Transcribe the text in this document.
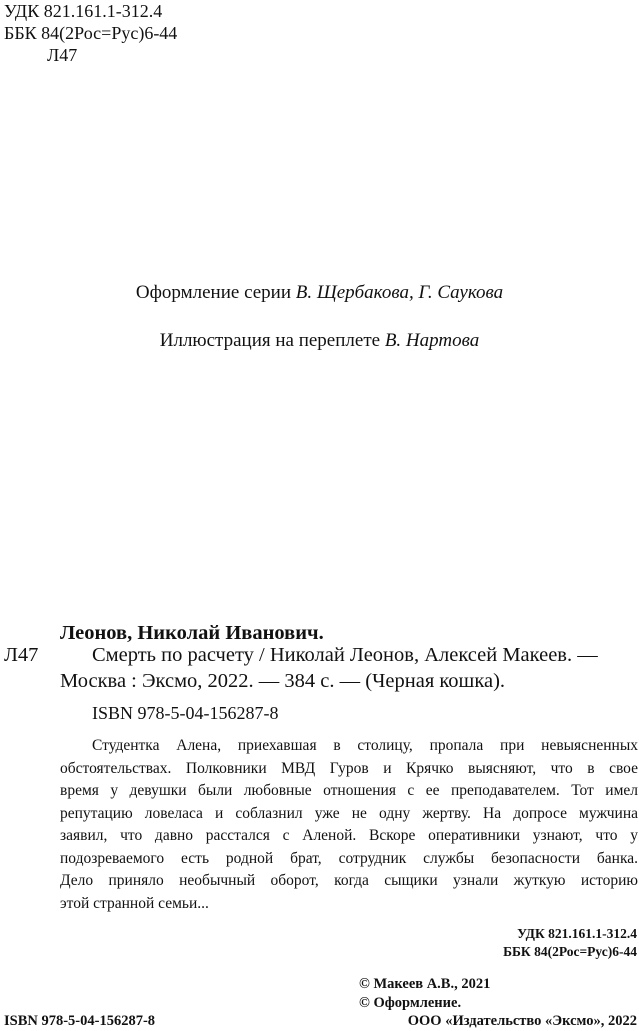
УДК 821.161.1-312.4
ББК 84(2Рос=Рус)6-44
Л47
Оформление серии В. Щербакова, Г. Саукова
Иллюстрация на переплете В. Нартова
Леонов, Николай Иванович.
Л47	Смерть по расчету / Николай Леонов, Алексей Макеев. —
Москва : Эксмо, 2022. — 384 с. — (Черная кошка).
ISBN 978-5-04-156287-8
Студентка Алена, приехавшая в столицу, пропала при невыясненных
обстоятельствах. Полковники МВД Гуров и Крячко выясняют, что в свое
время у девушки были любовные отношения с ее преподавателем. Тот имел
репутацию ловеласа и соблазнил уже не одну жертву. На допросе мужчина
заявил, что давно расстался с Аленой. Вскоре оперативники узнают, что у
подозреваемого есть родной брат, сотрудник службы безопасности банка.
Дело приняло необычный оборот, когда сыщики узнали жуткую историю
этой странной семьи...
УДК 821.161.1-312.4
ББК 84(2Рос=Рус)6-44
© Макеев А.В., 2021
© Оформление.
ООО «Издательство «Эксмо», 2022
ISBN 978-5-04-156287-8
